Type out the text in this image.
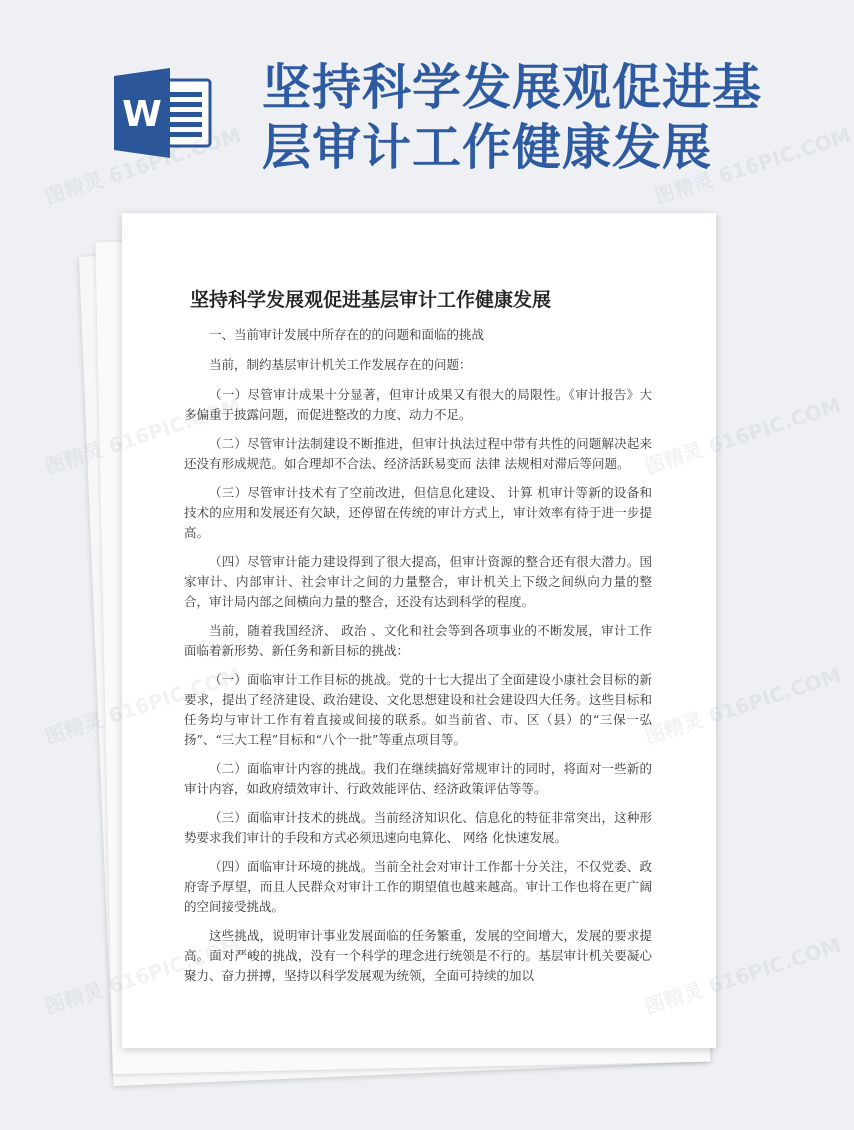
W 坚持科学发展观促进基
层审计工作健康发展
坚持科学发展观促进基层审计工作健康发展

一、当前审计发展中所存在的的问题和面临的挑战

当前，制约基层审计机关工作发展存在的问题：

（一）尽管审计成果十分显著，但审计成果又有很大的局限性。《审计报告》大多偏重于披露问题，而促进整改的力度、动力不足。

（二）尽管审计法制建设不断推进，但审计执法过程中带有共性的问题解决起来还没有形成规范。如合理却不合法、经济活跃易变而 法律 法规相对滞后等问题。

（三）尽管审计技术有了空前改进，但信息化建设、 计算 机审计等新的设备和技术的应用和发展还有欠缺，还停留在传统的审计方式上，审计效率有待于进一步提高。

（四）尽管审计能力建设得到了很大提高，但审计资源的整合还有很大潜力。国家审计、内部审计、社会审计之间的力量整合，审计机关上下级之间纵向力量的整合，审计局内部之间横向力量的整合，还没有达到科学的程度。

当前，随着我国经济、 政治 、文化和社会等到各项事业的不断发展，审计工作面临着新形势、新任务和新目标的挑战：

（一）面临审计工作目标的挑战。党的十七大提出了全面建设小康社会目标的新要求，提出了经济建设、政治建设、文化思想建设和社会建设四大任务。这些目标和任务均与审计工作有着直接或间接的联系。如当前省、市、区（县）的“三保一弘扬”、“三大工程”目标和“八个一批”等重点项目等。

（二）面临审计内容的挑战。我们在继续搞好常规审计的同时，将面对一些新的审计内容，如政府绩效审计、行政效能评估、经济政策评估等等。

（三）面临审计技术的挑战。当前经济知识化、信息化的特征非常突出，这种形势要求我们审计的手段和方式必须迅速向电算化、 网络 化快速发展。

（四）面临审计环境的挑战。当前全社会对审计工作都十分关注，不仅党委、政府寄予厚望，而且人民群众对审计工作的期望值也越来越高。审计工作也将在更广阔的空间接受挑战。

这些挑战，说明审计事业发展面临的任务繁重，发展的空间增大，发展的要求提高。面对严峻的挑战，没有一个科学的理念进行统领是不行的。基层审计机关要凝心聚力、奋力拼搏，坚持以科学发展观为统领，全面可持续的加以

图精灵 616PIC.COM	图精灵 616PIC.COM
图精灵	图精灵 616PIC.COM
图精灵	图精灵 616PIC.COM
图精灵	图精灵 616PIC.COM
